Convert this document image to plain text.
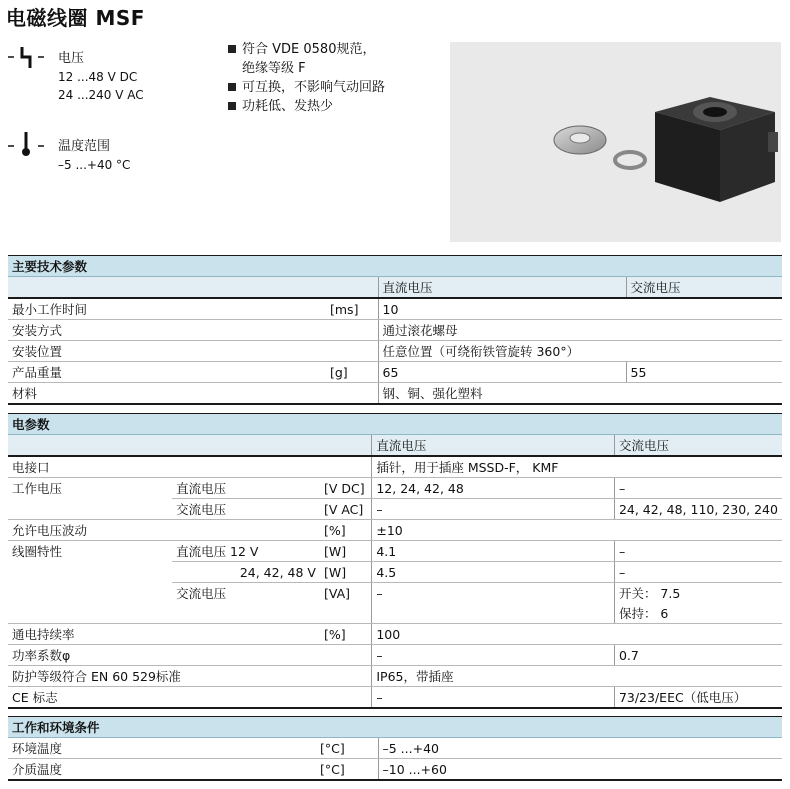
电磁线圈 MSF
电压
12 ...48 V DC
24 ...240 V AC
温度范围
–5 ...+40 °C
符合 VDE 0580规范，
绝缘等级 F
可互换，不影响气动回路
功耗低、发热少
主要技术参数			
		直流电压	交流电压
最小工作时间	[ms]	10	
安装方式		通过滚花螺母	
安装位置		任意位置（可绕衔铁管旋转 360°）	
产品重量	[g]	65	55
材料		钢、铜、强化塑料	
电参数				
			直流电压	交流电压
电接口			插针，用于插座 MSSD-F， KMF	
工作电压	直流电压	[V DC]	12, 24, 42, 48	–
	交流电压	[V AC]	–	24, 42, 48, 110, 230, 240
允许电压波动		[%]	±10	
线圈特性	直流电压 12 V	[W]	4.1	–
	24, 42, 48 V	[W]	4.5	–
	交流电压	[VA]	–	开关： 7.5
				保持： 6
通电持续率		[%]	100	
功率系数φ			–	0.7
防护等级符合 EN 60 529标准			IP65，带插座	
CE 标志			–	73/23/EEC（低电压）
工作和环境条件		
环境温度	[°C]	–5 ...+40
介质温度	[°C]	–10 ...+60
